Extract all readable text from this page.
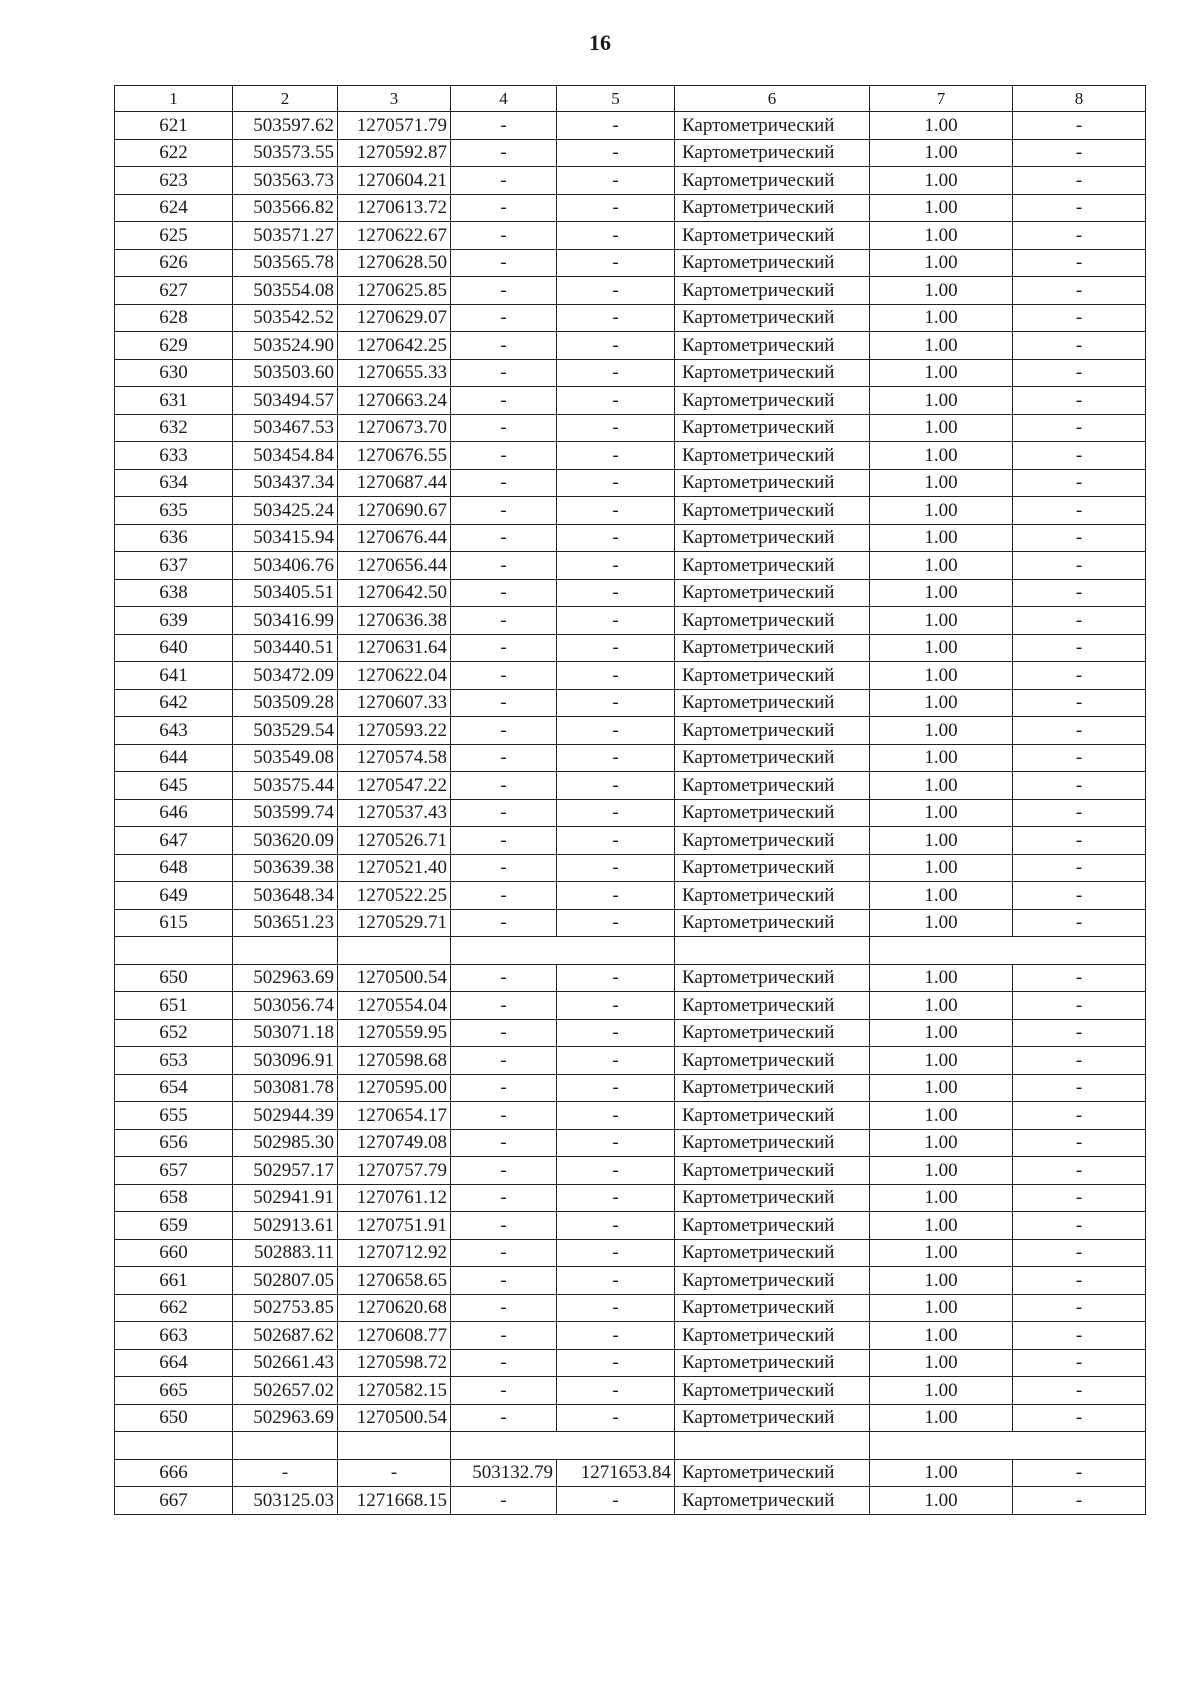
16
1	2	3	4	5	6	7	8
621	503597.62	1270571.79	-	-	Картометрический	1.00	-
622	503573.55	1270592.87	-	-	Картометрический	1.00	-
623	503563.73	1270604.21	-	-	Картометрический	1.00	-
624	503566.82	1270613.72	-	-	Картометрический	1.00	-
625	503571.27	1270622.67	-	-	Картометрический	1.00	-
626	503565.78	1270628.50	-	-	Картометрический	1.00	-
627	503554.08	1270625.85	-	-	Картометрический	1.00	-
628	503542.52	1270629.07	-	-	Картометрический	1.00	-
629	503524.90	1270642.25	-	-	Картометрический	1.00	-
630	503503.60	1270655.33	-	-	Картометрический	1.00	-
631	503494.57	1270663.24	-	-	Картометрический	1.00	-
632	503467.53	1270673.70	-	-	Картометрический	1.00	-
633	503454.84	1270676.55	-	-	Картометрический	1.00	-
634	503437.34	1270687.44	-	-	Картометрический	1.00	-
635	503425.24	1270690.67	-	-	Картометрический	1.00	-
636	503415.94	1270676.44	-	-	Картометрический	1.00	-
637	503406.76	1270656.44	-	-	Картометрический	1.00	-
638	503405.51	1270642.50	-	-	Картометрический	1.00	-
639	503416.99	1270636.38	-	-	Картометрический	1.00	-
640	503440.51	1270631.64	-	-	Картометрический	1.00	-
641	503472.09	1270622.04	-	-	Картометрический	1.00	-
642	503509.28	1270607.33	-	-	Картометрический	1.00	-
643	503529.54	1270593.22	-	-	Картометрический	1.00	-
644	503549.08	1270574.58	-	-	Картометрический	1.00	-
645	503575.44	1270547.22	-	-	Картометрический	1.00	-
646	503599.74	1270537.43	-	-	Картометрический	1.00	-
647	503620.09	1270526.71	-	-	Картометрический	1.00	-
648	503639.38	1270521.40	-	-	Картометрический	1.00	-
649	503648.34	1270522.25	-	-	Картометрический	1.00	-
615	503651.23	1270529.71	-	-	Картометрический	1.00	-

650	502963.69	1270500.54	-	-	Картометрический	1.00	-
651	503056.74	1270554.04	-	-	Картометрический	1.00	-
652	503071.18	1270559.95	-	-	Картометрический	1.00	-
653	503096.91	1270598.68	-	-	Картометрический	1.00	-
654	503081.78	1270595.00	-	-	Картометрический	1.00	-
655	502944.39	1270654.17	-	-	Картометрический	1.00	-
656	502985.30	1270749.08	-	-	Картометрический	1.00	-
657	502957.17	1270757.79	-	-	Картометрический	1.00	-
658	502941.91	1270761.12	-	-	Картометрический	1.00	-
659	502913.61	1270751.91	-	-	Картометрический	1.00	-
660	502883.11	1270712.92	-	-	Картометрический	1.00	-
661	502807.05	1270658.65	-	-	Картометрический	1.00	-
662	502753.85	1270620.68	-	-	Картометрический	1.00	-
663	502687.62	1270608.77	-	-	Картометрический	1.00	-
664	502661.43	1270598.72	-	-	Картометрический	1.00	-
665	502657.02	1270582.15	-	-	Картометрический	1.00	-
650	502963.69	1270500.54	-	-	Картометрический	1.00	-

666	-	-	503132.79	1271653.84	Картометрический	1.00	-
667	503125.03	1271668.15	-	-	Картометрический	1.00	-
